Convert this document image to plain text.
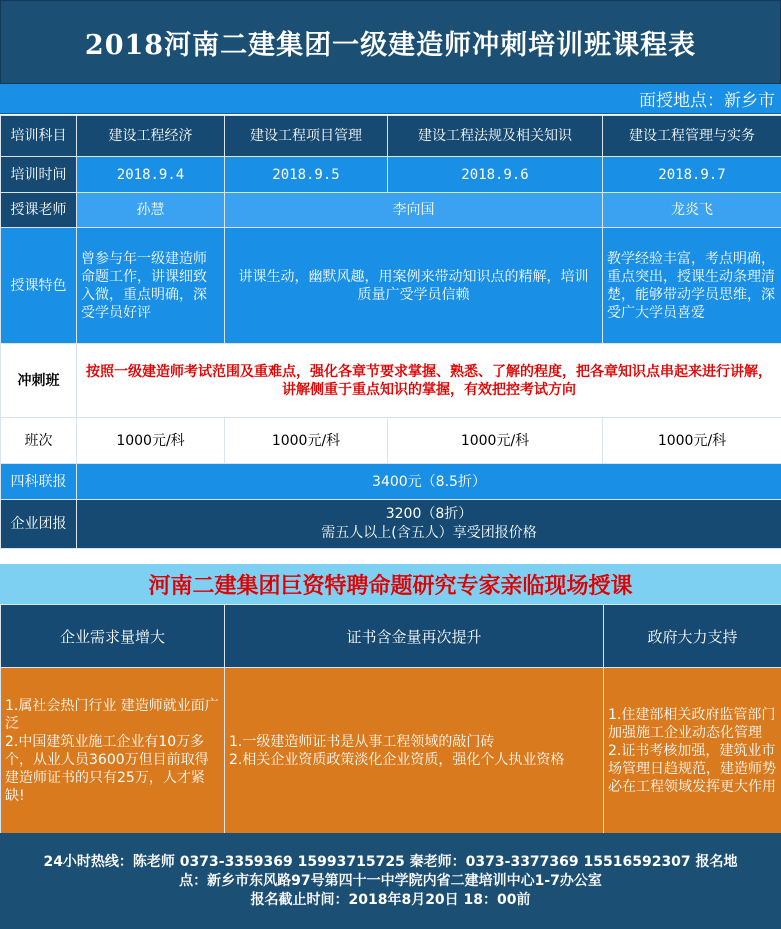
2018河南二建集团一级建造师冲刺培训班课程表
面授地点：新乡市
培训科目	建设工程经济	建设工程项目管理	建设工程法规及相关知识	建设工程管理与实务
培训时间	2018.9.4	2018.9.5	2018.9.6	2018.9.7
授课老师	孙慧	李向国		龙炎飞
授课特色	曾参与年一级建造师命题工作，讲课细致入微，重点明确，深受学员好评	讲课生动，幽默风趣，用案例来带动知识点的精解，培训质量广受学员信赖		教学经验丰富，考点明确，重点突出，授课生动条理清楚，能够带动学员思维，深受广大学员喜爱
冲刺班	按照一级建造师考试范围及重难点，强化各章节要求掌握、熟悉、了解的程度，把各章知识点串起来进行讲解，讲解侧重于重点知识的掌握，有效把控考试方向			
班次	1000元/科	1000元/科	1000元/科	1000元/科
四科联报	3400元（8.5折）			
企业团报	3200（8折）
需五人以上(含五人）享受团报价格			
河南二建集团巨资特聘命题研究专家亲临现场授课
企业需求量增大	证书含金量再次提升	政府大力支持

1.属社会热门行业 建造师就业面广泛
2.中国建筑业施工企业有10万多个，从业人员3600万但目前取得建造师证书的只有25万，人才紧缺!	1.一级建造师证书是从事工程领域的敲门砖
2.相关企业资质政策淡化企业资质，强化个人执业资格	1.住建部相关政府监管部门加强施工企业动态化管理
2.证书考核加强，建筑业市场管理日趋规范，建造师势必在工程领域发挥更大作用
24小时热线：陈老师 0373-3359369 15993715725 秦老师：0373-3377369 15516592307 报名地
点：新乡市东风路97号第四十一中学院内省二建培训中心1-7办公室
报名截止时间：2018年8月20日 18：00前
